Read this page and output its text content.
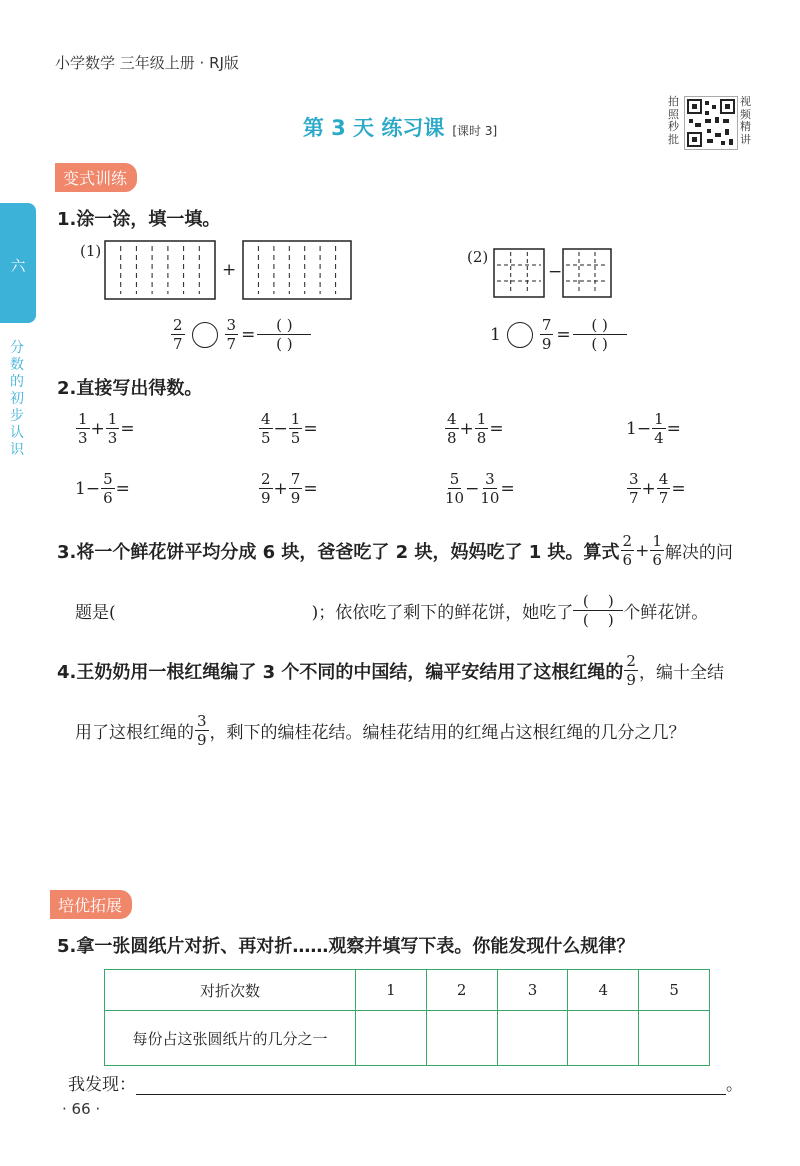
小学数学 三年级上册 · RJ版
第 3 天 练习课 [课时 3]
拍照秒批
视频精讲
六
分数的初步认识
变式训练
1.涂一涂，填一填。
(1)
+
(2)
−
$\frac{2}{7}$	$\frac{3}{7} = \frac{( )}{( )}$	1	$\frac{7}{9} = \frac{( )}{( )}$
2.直接写出得数。
$\frac{1}{3} + \frac{1}{3}$ =	$\frac{4}{5} - \frac{1}{5}$ =	$\frac{4}{8} + \frac{1}{8}$ =	$1 - \frac{1}{4}$ =
$1 - \frac{5}{6}$ =	$\frac{2}{9} + \frac{7}{9}$ =	$\frac{5}{10} - \frac{3}{10}$ =	$\frac{3}{7} + \frac{4}{7}$ =
3.将一个鲜花饼平均分成 6 块，爸爸吃了 2 块，妈妈吃了 1 块。算式 $\frac{2}{6} + \frac{1}{6}$ 解决的问
题是(	)；依依吃了剩下的鲜花饼，她吃了 $\frac{( )}{( )}$ 个鲜花饼。
4.王奶奶用一根红绳编了 3 个不同的中国结，编平安结用了这根红绳的 $\frac{2}{9}$ ，编十全结
用了这根红绳的 $\frac{3}{9}$ ，剩下的编桂花结。编桂花结用的红绳占这根红绳的几分之几？
培优拓展
5.拿一张圆纸片对折、再对折……观察并填写下表。你能发现什么规律？
对折次数	1	2	3	4	5
每份占这张圆纸片的几分之一					
我发现：	。
· 66 ·
